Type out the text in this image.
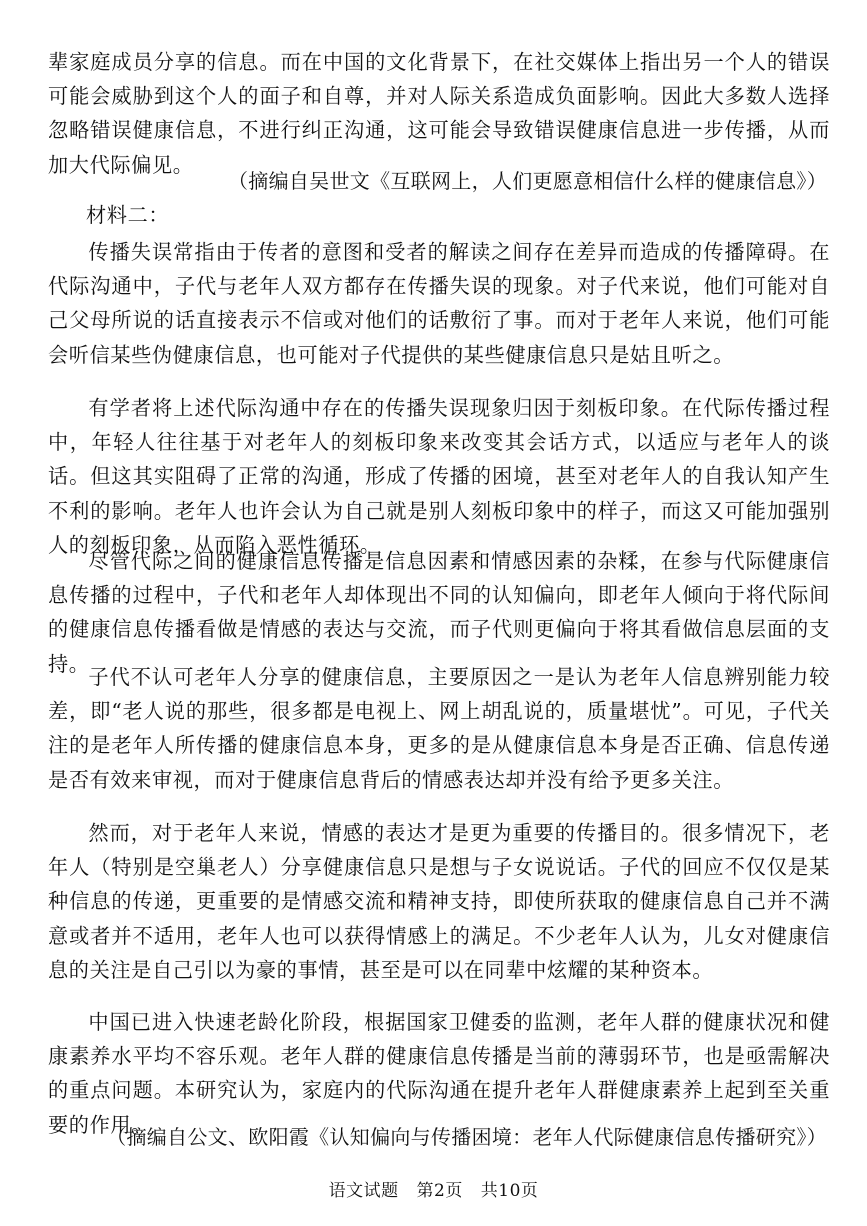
辈家庭成员分享的信息。而在中国的文化背景下，在社交媒体上指出另一个人的错误可能会威胁到这个人的面子和自尊，并对人际关系造成负面影响。因此大多数人选择忽略错误健康信息，不进行纠正沟通，这可能会导致错误健康信息进一步传播，从而加大代际偏见。

（摘编自吴世文《互联网上，人们更愿意相信什么样的健康信息》）

材料二：

传播失误常指由于传者的意图和受者的解读之间存在差异而造成的传播障碍。在代际沟通中，子代与老年人双方都存在传播失误的现象。对子代来说，他们可能对自己父母所说的话直接表示不信或对他们的话敷衍了事。而对于老年人来说，他们可能会听信某些伪健康信息，也可能对子代提供的某些健康信息只是姑且听之。

有学者将上述代际沟通中存在的传播失误现象归因于刻板印象。在代际传播过程中，年轻人往往基于对老年人的刻板印象来改变其会话方式，以适应与老年人的谈话。但这其实阻碍了正常的沟通，形成了传播的困境，甚至对老年人的自我认知产生不利的影响。老年人也许会认为自己就是别人刻板印象中的样子，而这又可能加强别人的刻板印象，从而陷入恶性循环。

尽管代际之间的健康信息传播是信息因素和情感因素的杂糅，在参与代际健康信息传播的过程中，子代和老年人却体现出不同的认知偏向，即老年人倾向于将代际间的健康信息传播看做是情感的表达与交流，而子代则更偏向于将其看做信息层面的支持。

子代不认可老年人分享的健康信息，主要原因之一是认为老年人信息辨别能力较差，即“老人说的那些，很多都是电视上、网上胡乱说的，质量堪忧”。可见，子代关注的是老年人所传播的健康信息本身，更多的是从健康信息本身是否正确、信息传递是否有效来审视，而对于健康信息背后的情感表达却并没有给予更多关注。

然而，对于老年人来说，情感的表达才是更为重要的传播目的。很多情况下，老年人（特别是空巢老人）分享健康信息只是想与子女说说话。子代的回应不仅仅是某种信息的传递，更重要的是情感交流和精神支持，即使所获取的健康信息自己并不满意或者并不适用，老年人也可以获得情感上的满足。不少老年人认为，儿女对健康信息的关注是自己引以为豪的事情，甚至是可以在同辈中炫耀的某种资本。

中国已进入快速老龄化阶段，根据国家卫健委的监测，老年人群的健康状况和健康素养水平均不容乐观。老年人群的健康信息传播是当前的薄弱环节，也是亟需解决的重点问题。本研究认为，家庭内的代际沟通在提升老年人群健康素养上起到至关重要的作用。

（摘编自公文、欧阳霞《认知偏向与传播困境：老年人代际健康信息传播研究》）

语文试题 第2页 共10页
